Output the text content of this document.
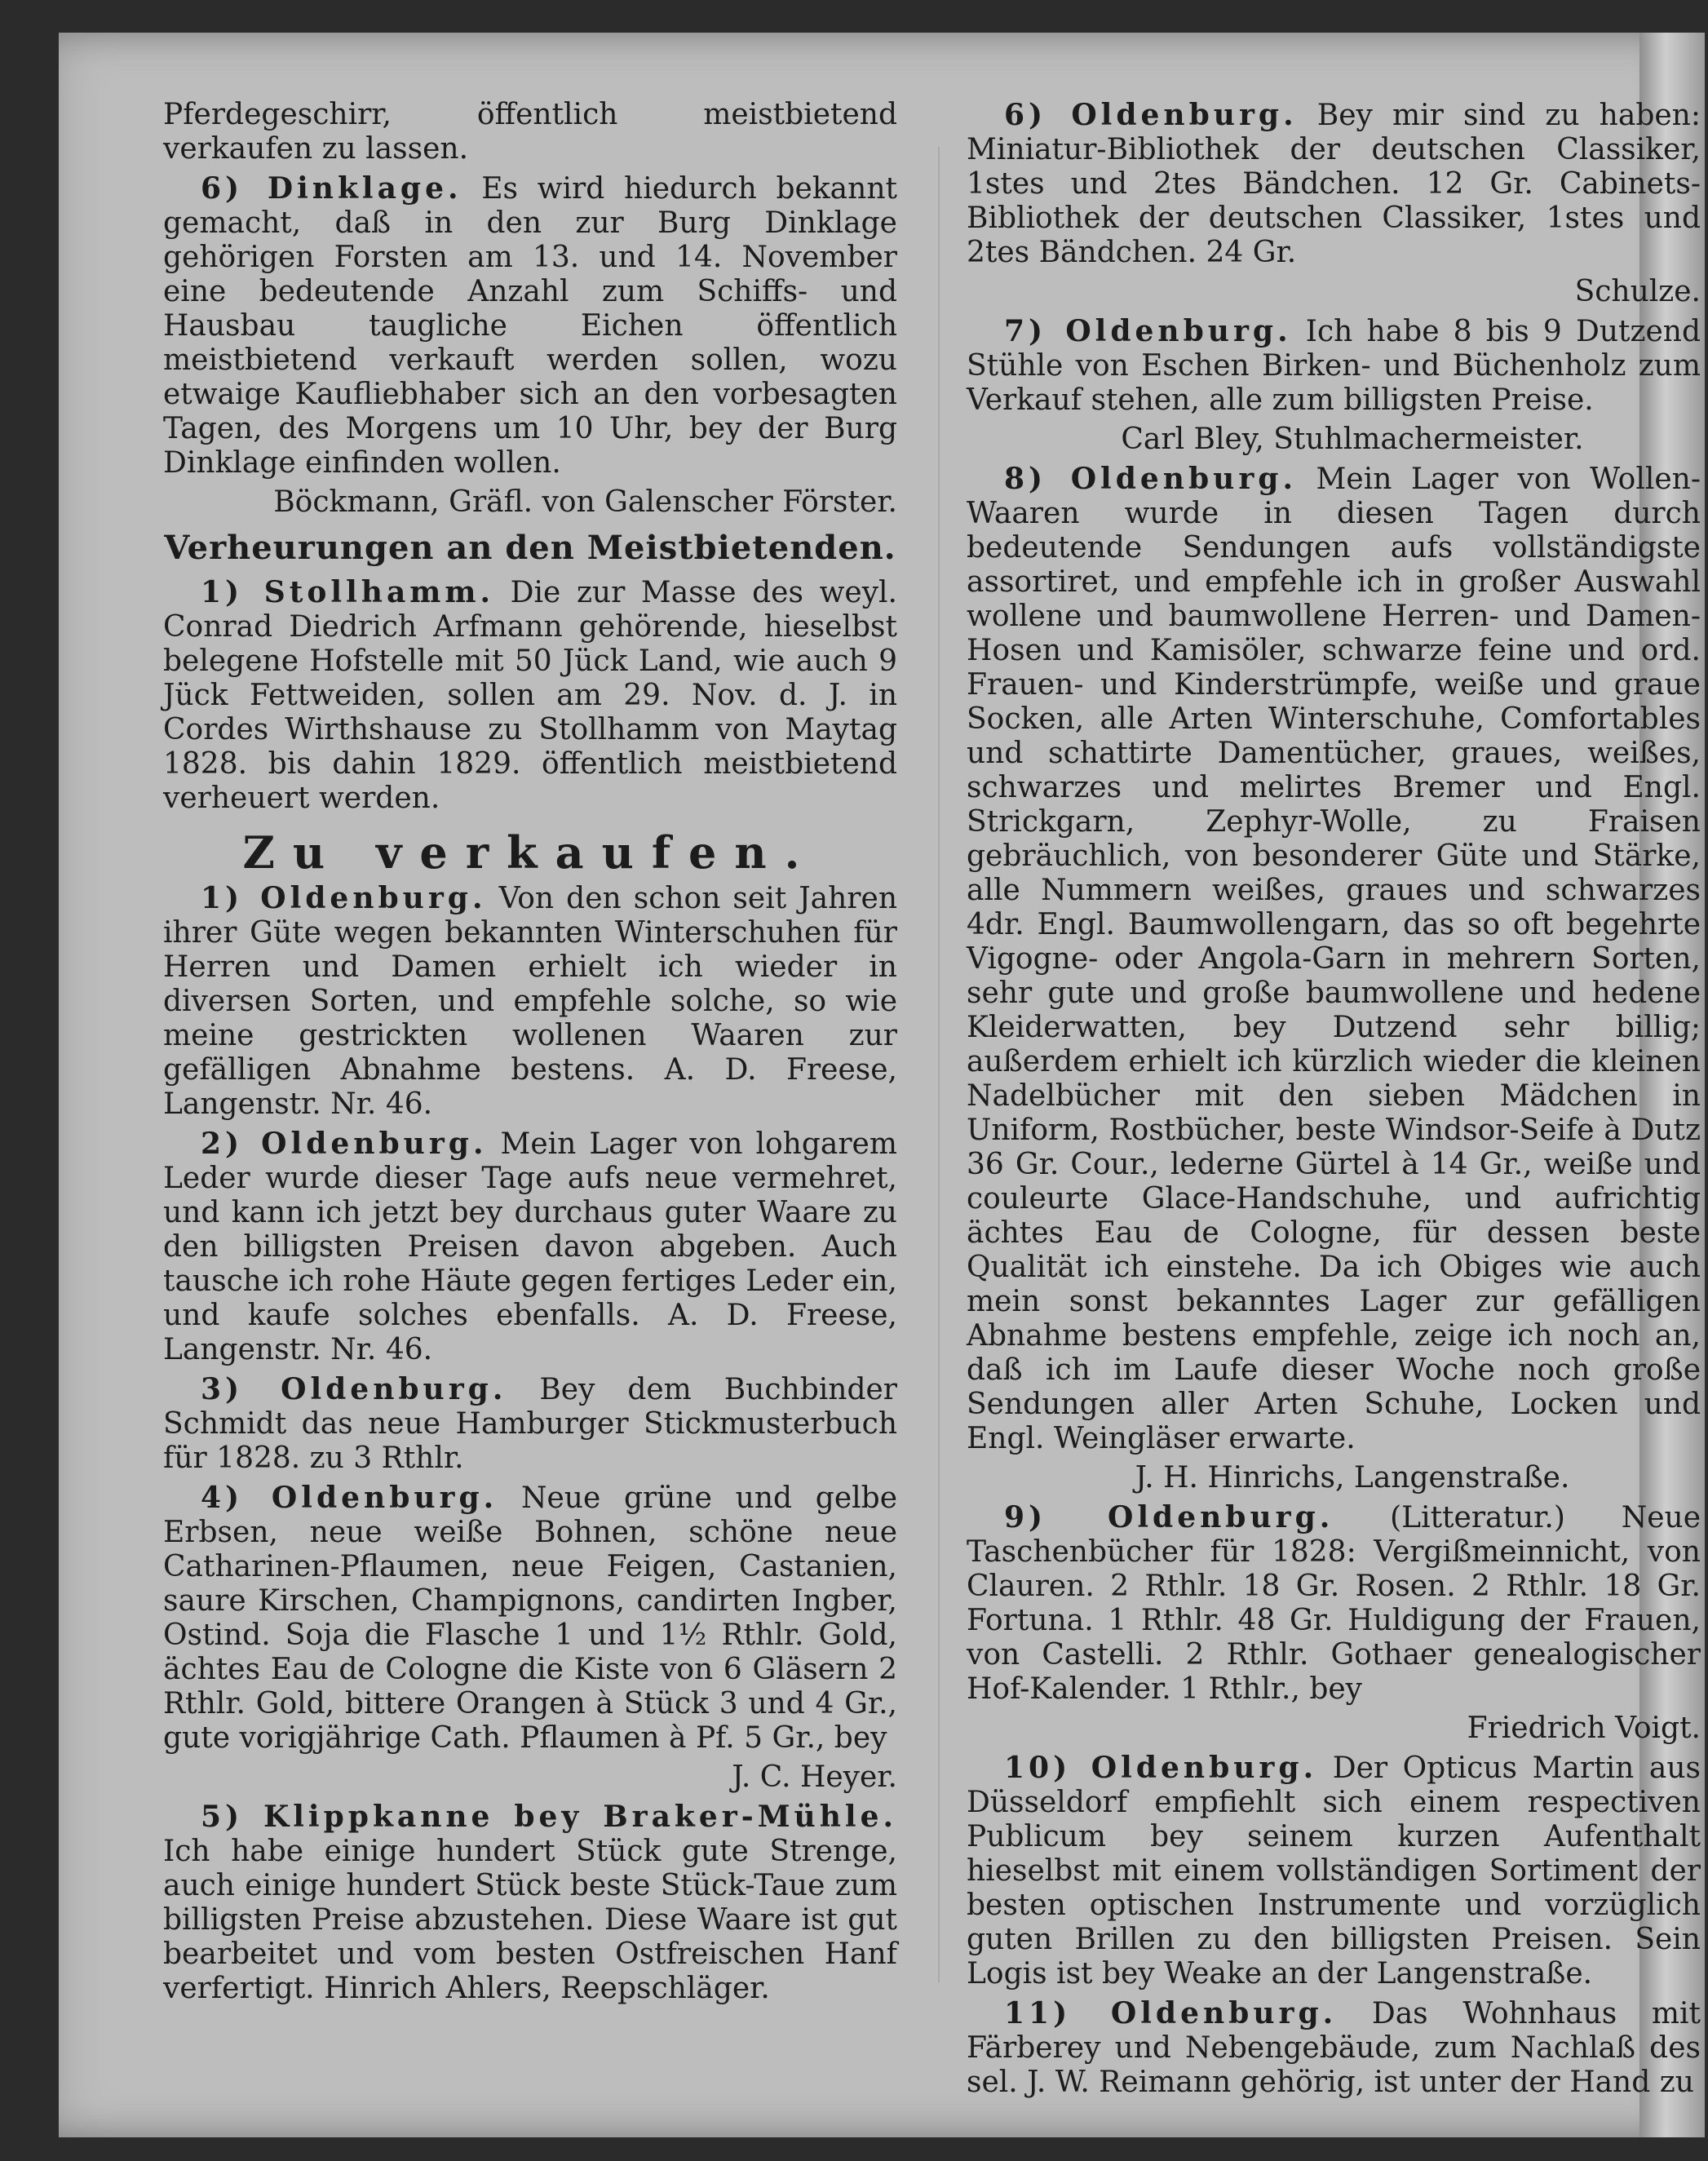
Pferdegeschirr, öffentlich meistbietend verkaufen zu lassen.

6) Dinklage. Es wird hiedurch bekannt gemacht, daß in den zur Burg Dinklage gehörigen Forsten am 13. und 14. November eine bedeutende Anzahl zum Schiffs- und Hausbau taugliche Eichen öffentlich meistbietend verkauft werden sollen, wozu etwaige Kaufliebhaber sich an den vorbesagten Tagen, des Morgens um 10 Uhr, bey der Burg Dinklage einfinden wollen.

Böckmann, Gräfl. von Galenscher Förster.

Verheurungen an den Meistbietenden.

1) Stollhamm. Die zur Masse des weyl. Conrad Diedrich Arfmann gehörende, hieselbst belegene Hofstelle mit 50 Jück Land, wie auch 9 Jück Fettweiden, sollen am 29. Nov. d. J. in Cordes Wirthshause zu Stollhamm von Maytag 1828. bis dahin 1829. öffentlich meistbietend verheuert werden.

Zu verkaufen.

1) Oldenburg. Von den schon seit Jahren ihrer Güte wegen bekannten Winterschuhen für Herren und Damen erhielt ich wieder in diversen Sorten, und empfehle solche, so wie meine gestrickten wollenen Waaren zur gefälligen Abnahme bestens. A. D. Freese, Langenstr. Nr. 46.

2) Oldenburg. Mein Lager von lohgarem Leder wurde dieser Tage aufs neue vermehret, und kann ich jetzt bey durchaus guter Waare zu den billigsten Preisen davon abgeben. Auch tausche ich rohe Häute gegen fertiges Leder ein, und kaufe solches ebenfalls. A. D. Freese, Langenstr. Nr. 46.

3) Oldenburg. Bey dem Buchbinder Schmidt das neue Hamburger Stickmusterbuch für 1828. zu 3 Rthlr.

4) Oldenburg. Neue grüne und gelbe Erbsen, neue weiße Bohnen, schöne neue Catharinen-Pflaumen, neue Feigen, Castanien, saure Kirschen, Champignons, candirten Ingber, Ostind. Soja die Flasche 1 und 1½ Rthlr. Gold, ächtes Eau de Cologne die Kiste von 6 Gläsern 2 Rthlr. Gold, bittere Orangen à Stück 3 und 4 Gr., gute vorigjährige Cath. Pflaumen à Pf. 5 Gr., bey

J. C. Heyer.

5) Klippkanne bey Braker-Mühle. Ich habe einige hundert Stück gute Strenge, auch einige hundert Stück beste Stück-Taue zum billigsten Preise abzustehen. Diese Waare ist gut bearbeitet und vom besten Ostfreischen Hanf verfertigt. Hinrich Ahlers, Reepschläger.

6) Oldenburg. Bey mir sind zu haben: Miniatur-Bibliothek der deutschen Classiker, 1stes und 2tes Bändchen. 12 Gr. Cabinets-Bibliothek der deutschen Classiker, 1stes und 2tes Bändchen. 24 Gr.

Schulze.

7) Oldenburg. Ich habe 8 bis 9 Dutzend Stühle von Eschen Birken- und Büchenholz zum Verkauf stehen, alle zum billigsten Preise.

Carl Bley, Stuhlmachermeister.

8) Oldenburg. Mein Lager von Wollen-Waaren wurde in diesen Tagen durch bedeutende Sendungen aufs vollständigste assortiret, und empfehle ich in großer Auswahl wollene und baumwollene Herren- und Damen-Hosen und Kamisöler, schwarze feine und ord. Frauen- und Kinderstrümpfe, weiße und graue Socken, alle Arten Winterschuhe, Comfortables und schattirte Damentücher, graues, weißes, schwarzes und melirtes Bremer und Engl. Strickgarn, Zephyr-Wolle, zu Fraisen gebräuchlich, von besonderer Güte und Stärke, alle Nummern weißes, graues und schwarzes 4dr. Engl. Baumwollengarn, das so oft begehrte Vigogne- oder Angola-Garn in mehrern Sorten, sehr gute und große baumwollene und hedene Kleiderwatten, bey Dutzend sehr billig; außerdem erhielt ich kürzlich wieder die kleinen Nadelbücher mit den sieben Mädchen in Uniform, Rostbücher, beste Windsor-Seife à Dutz 36 Gr. Cour., lederne Gürtel à 14 Gr., weiße und couleurte Glace-Handschuhe, und aufrichtig ächtes Eau de Cologne, für dessen beste Qualität ich einstehe. Da ich Obiges wie auch mein sonst bekanntes Lager zur gefälligen Abnahme bestens empfehle, zeige ich noch an, daß ich im Laufe dieser Woche noch große Sendungen aller Arten Schuhe, Locken und Engl. Weingläser erwarte.

J. H. Hinrichs, Langenstraße.

9) Oldenburg. (Litteratur.) Neue Taschenbücher für 1828: Vergißmeinnicht, von Clauren. 2 Rthlr. 18 Gr. Rosen. 2 Rthlr. 18 Gr. Fortuna. 1 Rthlr. 48 Gr. Huldigung der Frauen, von Castelli. 2 Rthlr. Gothaer genealogischer Hof-Kalender. 1 Rthlr., bey

Friedrich Voigt.

10) Oldenburg. Der Opticus Martin aus Düsseldorf empfiehlt sich einem respectiven Publicum bey seinem kurzen Aufenthalt hieselbst mit einem vollständigen Sortiment der besten optischen Instrumente und vorzüglich guten Brillen zu den billigsten Preisen. Sein Logis ist bey Weake an der Langenstraße.

11) Oldenburg. Das Wohnhaus mit Färberey und Nebengebäude, zum Nachlaß des sel. J. W. Reimann gehörig, ist unter der Hand zu
